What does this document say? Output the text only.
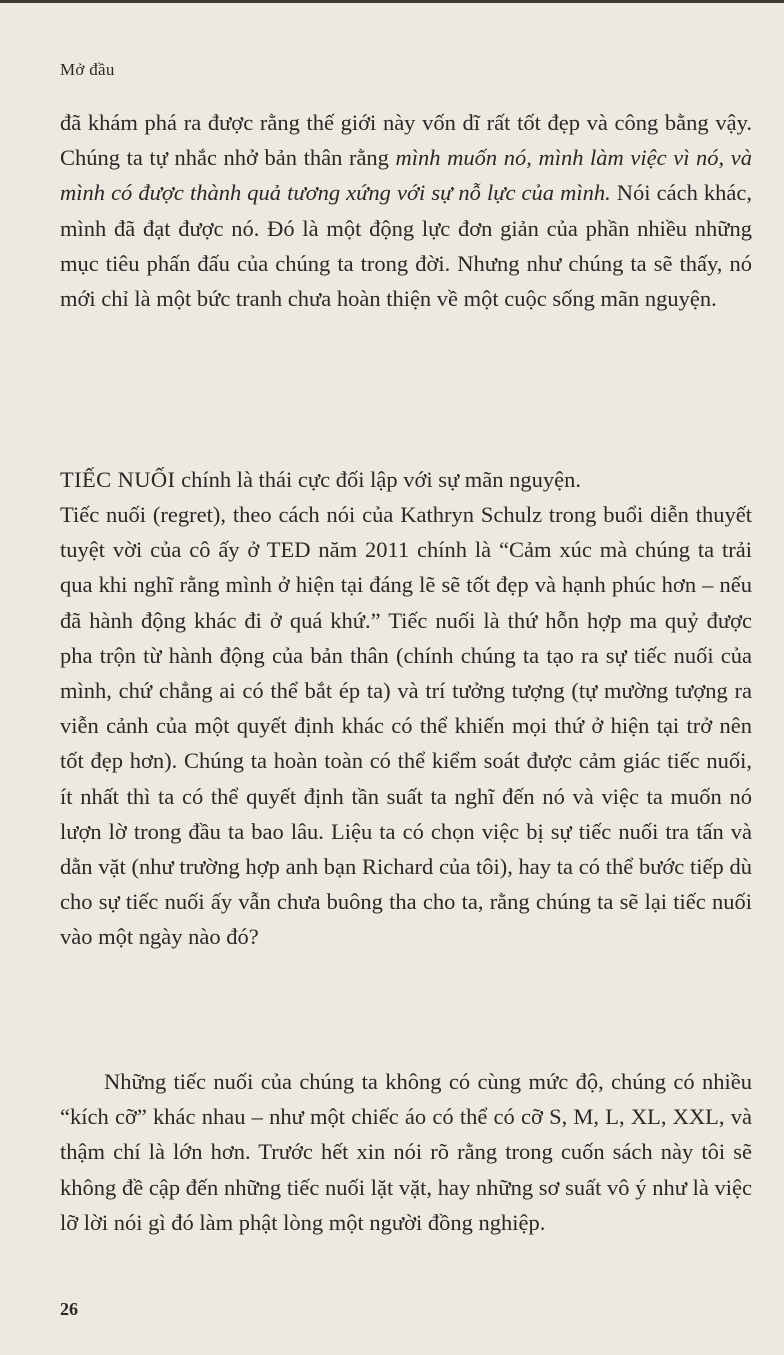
Mở đầu

đã khám phá ra được rằng thế giới này vốn dĩ rất tốt đẹp và công bằng vậy. Chúng ta tự nhắc nhở bản thân rằng mình muốn nó, mình làm việc vì nó, và mình có được thành quả tương xứng với sự nỗ lực của mình. Nói cách khác, mình đã đạt được nó. Đó là một động lực đơn giản của phần nhiều những mục tiêu phấn đấu của chúng ta trong đời. Nhưng như chúng ta sẽ thấy, nó mới chỉ là một bức tranh chưa hoàn thiện về một cuộc sống mãn nguyện.

TIẾC NUỐI chính là thái cực đối lập với sự mãn nguyện.

Tiếc nuối (regret), theo cách nói của Kathryn Schulz trong buổi diễn thuyết tuyệt vời của cô ấy ở TED năm 2011 chính là “Cảm xúc mà chúng ta trải qua khi nghĩ rằng mình ở hiện tại đáng lẽ sẽ tốt đẹp và hạnh phúc hơn – nếu đã hành động khác đi ở quá khứ.” Tiếc nuối là thứ hỗn hợp ma quỷ được pha trộn từ hành động của bản thân (chính chúng ta tạo ra sự tiếc nuối của mình, chứ chẳng ai có thể bắt ép ta) và trí tưởng tượng (tự mường tượng ra viễn cảnh của một quyết định khác có thể khiến mọi thứ ở hiện tại trở nên tốt đẹp hơn). Chúng ta hoàn toàn có thể kiểm soát được cảm giác tiếc nuối, ít nhất thì ta có thể quyết định tần suất ta nghĩ đến nó và việc ta muốn nó lượn lờ trong đầu ta bao lâu. Liệu ta có chọn việc bị sự tiếc nuối tra tấn và dằn vặt (như trường hợp anh bạn Richard của tôi), hay ta có thể bước tiếp dù cho sự tiếc nuối ấy vẫn chưa buông tha cho ta, rằng chúng ta sẽ lại tiếc nuối vào một ngày nào đó?

Những tiếc nuối của chúng ta không có cùng mức độ, chúng có nhiều “kích cỡ” khác nhau – như một chiếc áo có thể có cỡ S, M, L, XL, XXL, và thậm chí là lớn hơn. Trước hết xin nói rõ rằng trong cuốn sách này tôi sẽ không đề cập đến những tiếc nuối lặt vặt, hay những sơ suất vô ý như là việc lỡ lời nói gì đó làm phật lòng một người đồng nghiệp.

26
